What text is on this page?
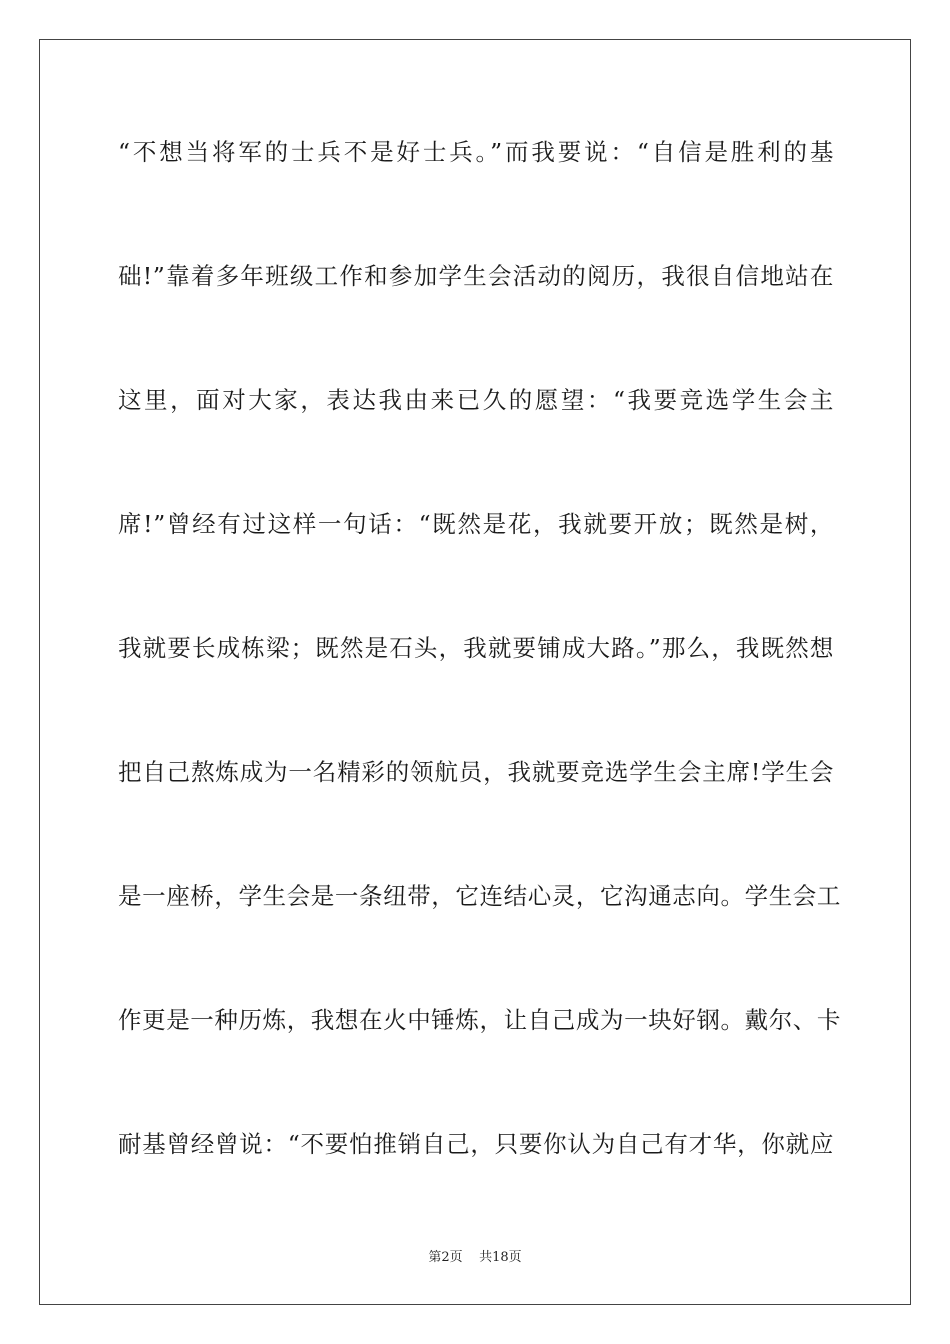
“不想当将军的士兵不是好士兵。”而我要说：“自信是胜利的基
础!”靠着多年班级工作和参加学生会活动的阅历，我很自信地站在
这里，面对大家，表达我由来已久的愿望：“我要竞选学生会主
席!”曾经有过这样一句话：“既然是花，我就要开放；既然是树，
我就要长成栋梁；既然是石头，我就要铺成大路。”那么，我既然想
把自己熬炼成为一名精彩的领航员，我就要竞选学生会主席!学生会
是一座桥，学生会是一条纽带，它连结心灵，它沟通志向。学生会工
作更是一种历炼，我想在火中锤炼，让自己成为一块好钢。戴尔、卡
耐基曾经曾说：“不要怕推销自己，只要你认为自己有才华，你就应
第2页 共18页
